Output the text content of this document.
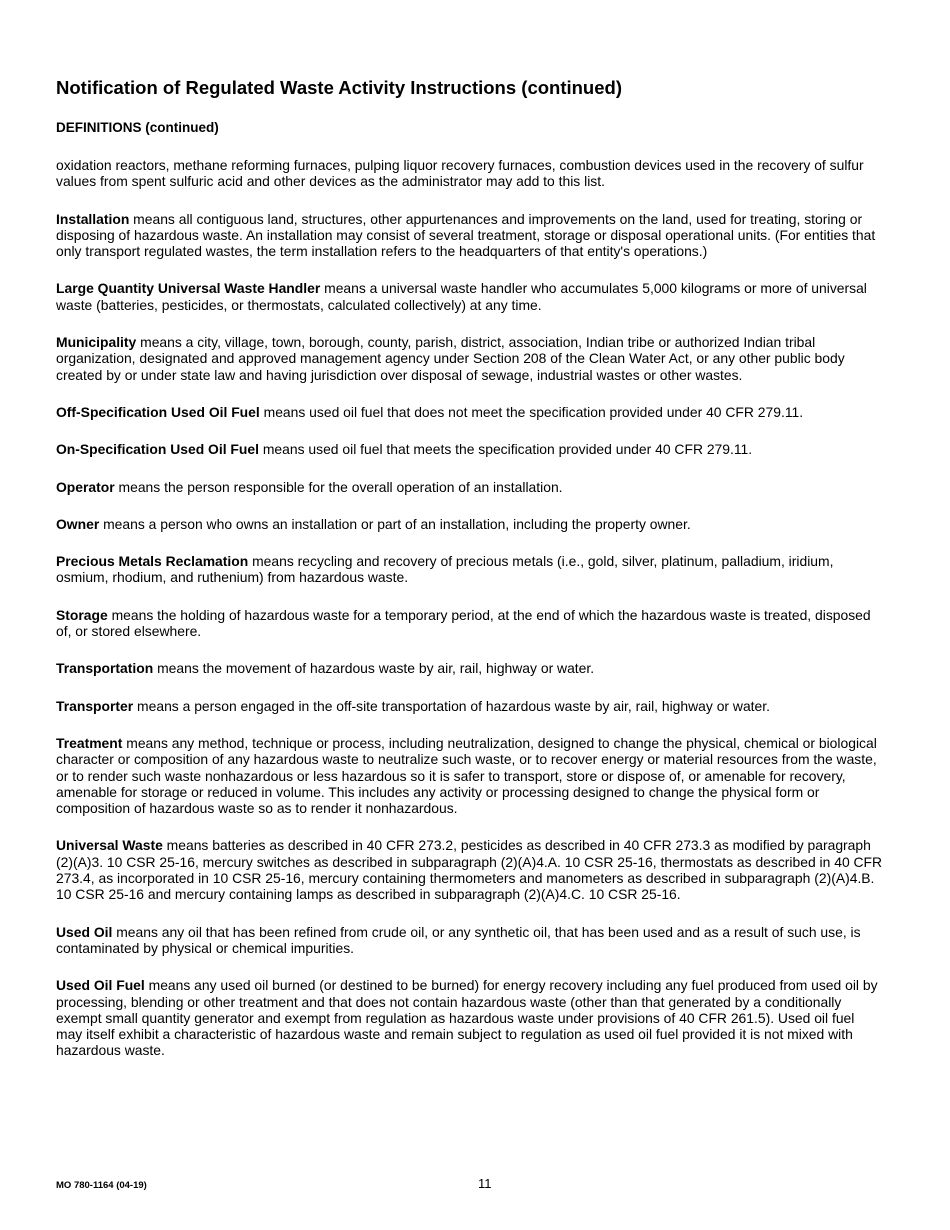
Notification of Regulated Waste Activity Instructions (continued)
DEFINITIONS (continued)

oxidation reactors, methane reforming furnaces, pulping liquor recovery furnaces, combustion devices used in the recovery of sulfur values from spent sulfuric acid and other devices as the administrator may add to this list.

Installation means all contiguous land, structures, other appurtenances and improvements on the land, used for treating, storing or disposing of hazardous waste. An installation may consist of several treatment, storage or disposal operational units. (For entities that only transport regulated wastes, the term installation refers to the headquarters of that entity's operations.)

Large Quantity Universal Waste Handler means a universal waste handler who accumulates 5,000 kilograms or more of universal waste (batteries, pesticides, or thermostats, calculated collectively) at any time.

Municipality means a city, village, town, borough, county, parish, district, association, Indian tribe or authorized Indian tribal organization, designated and approved management agency under Section 208 of the Clean Water Act, or any other public body created by or under state law and having jurisdiction over disposal of sewage, industrial wastes or other wastes.

Off-Specification Used Oil Fuel means used oil fuel that does not meet the specification provided under 40 CFR 279.11.

On-Specification Used Oil Fuel means used oil fuel that meets the specification provided under 40 CFR 279.11.

Operator means the person responsible for the overall operation of an installation.

Owner means a person who owns an installation or part of an installation, including the property owner.

Precious Metals Reclamation means recycling and recovery of precious metals (i.e., gold, silver, platinum, palladium, iridium, osmium, rhodium, and ruthenium) from hazardous waste.

Storage means the holding of hazardous waste for a temporary period, at the end of which the hazardous waste is treated, disposed of, or stored elsewhere.

Transportation means the movement of hazardous waste by air, rail, highway or water.

Transporter means a person engaged in the off-site transportation of hazardous waste by air, rail, highway or water.

Treatment means any method, technique or process, including neutralization, designed to change the physical, chemical or biological character or composition of any hazardous waste to neutralize such waste, or to recover energy or material resources from the waste, or to render such waste nonhazardous or less hazardous so it is safer to transport, store or dispose of, or amenable for recovery, amenable for storage or reduced in volume. This includes any activity or processing designed to change the physical form or composition of hazardous waste so as to render it nonhazardous.

Universal Waste means batteries as described in 40 CFR 273.2, pesticides as described in 40 CFR 273.3 as modified by paragraph (2)(A)3. 10 CSR 25-16, mercury switches as described in subparagraph (2)(A)4.A. 10 CSR 25-16, thermostats as described in 40 CFR 273.4, as incorporated in 10 CSR 25-16, mercury containing thermometers and manometers as described in subparagraph (2)(A)4.B. 10 CSR 25-16 and mercury containing lamps as described in subparagraph (2)(A)4.C. 10 CSR 25-16.

Used Oil means any oil that has been refined from crude oil, or any synthetic oil, that has been used and as a result of such use, is contaminated by physical or chemical impurities.

Used Oil Fuel means any used oil burned (or destined to be burned) for energy recovery including any fuel produced from used oil by processing, blending or other treatment and that does not contain hazardous waste (other than that generated by a conditionally exempt small quantity generator and exempt from regulation as hazardous waste under provisions of 40 CFR 261.5). Used oil fuel may itself exhibit a characteristic of hazardous waste and remain subject to regulation as used oil fuel provided it is not mixed with hazardous waste.

MO 780-1164 (04-19)	11
